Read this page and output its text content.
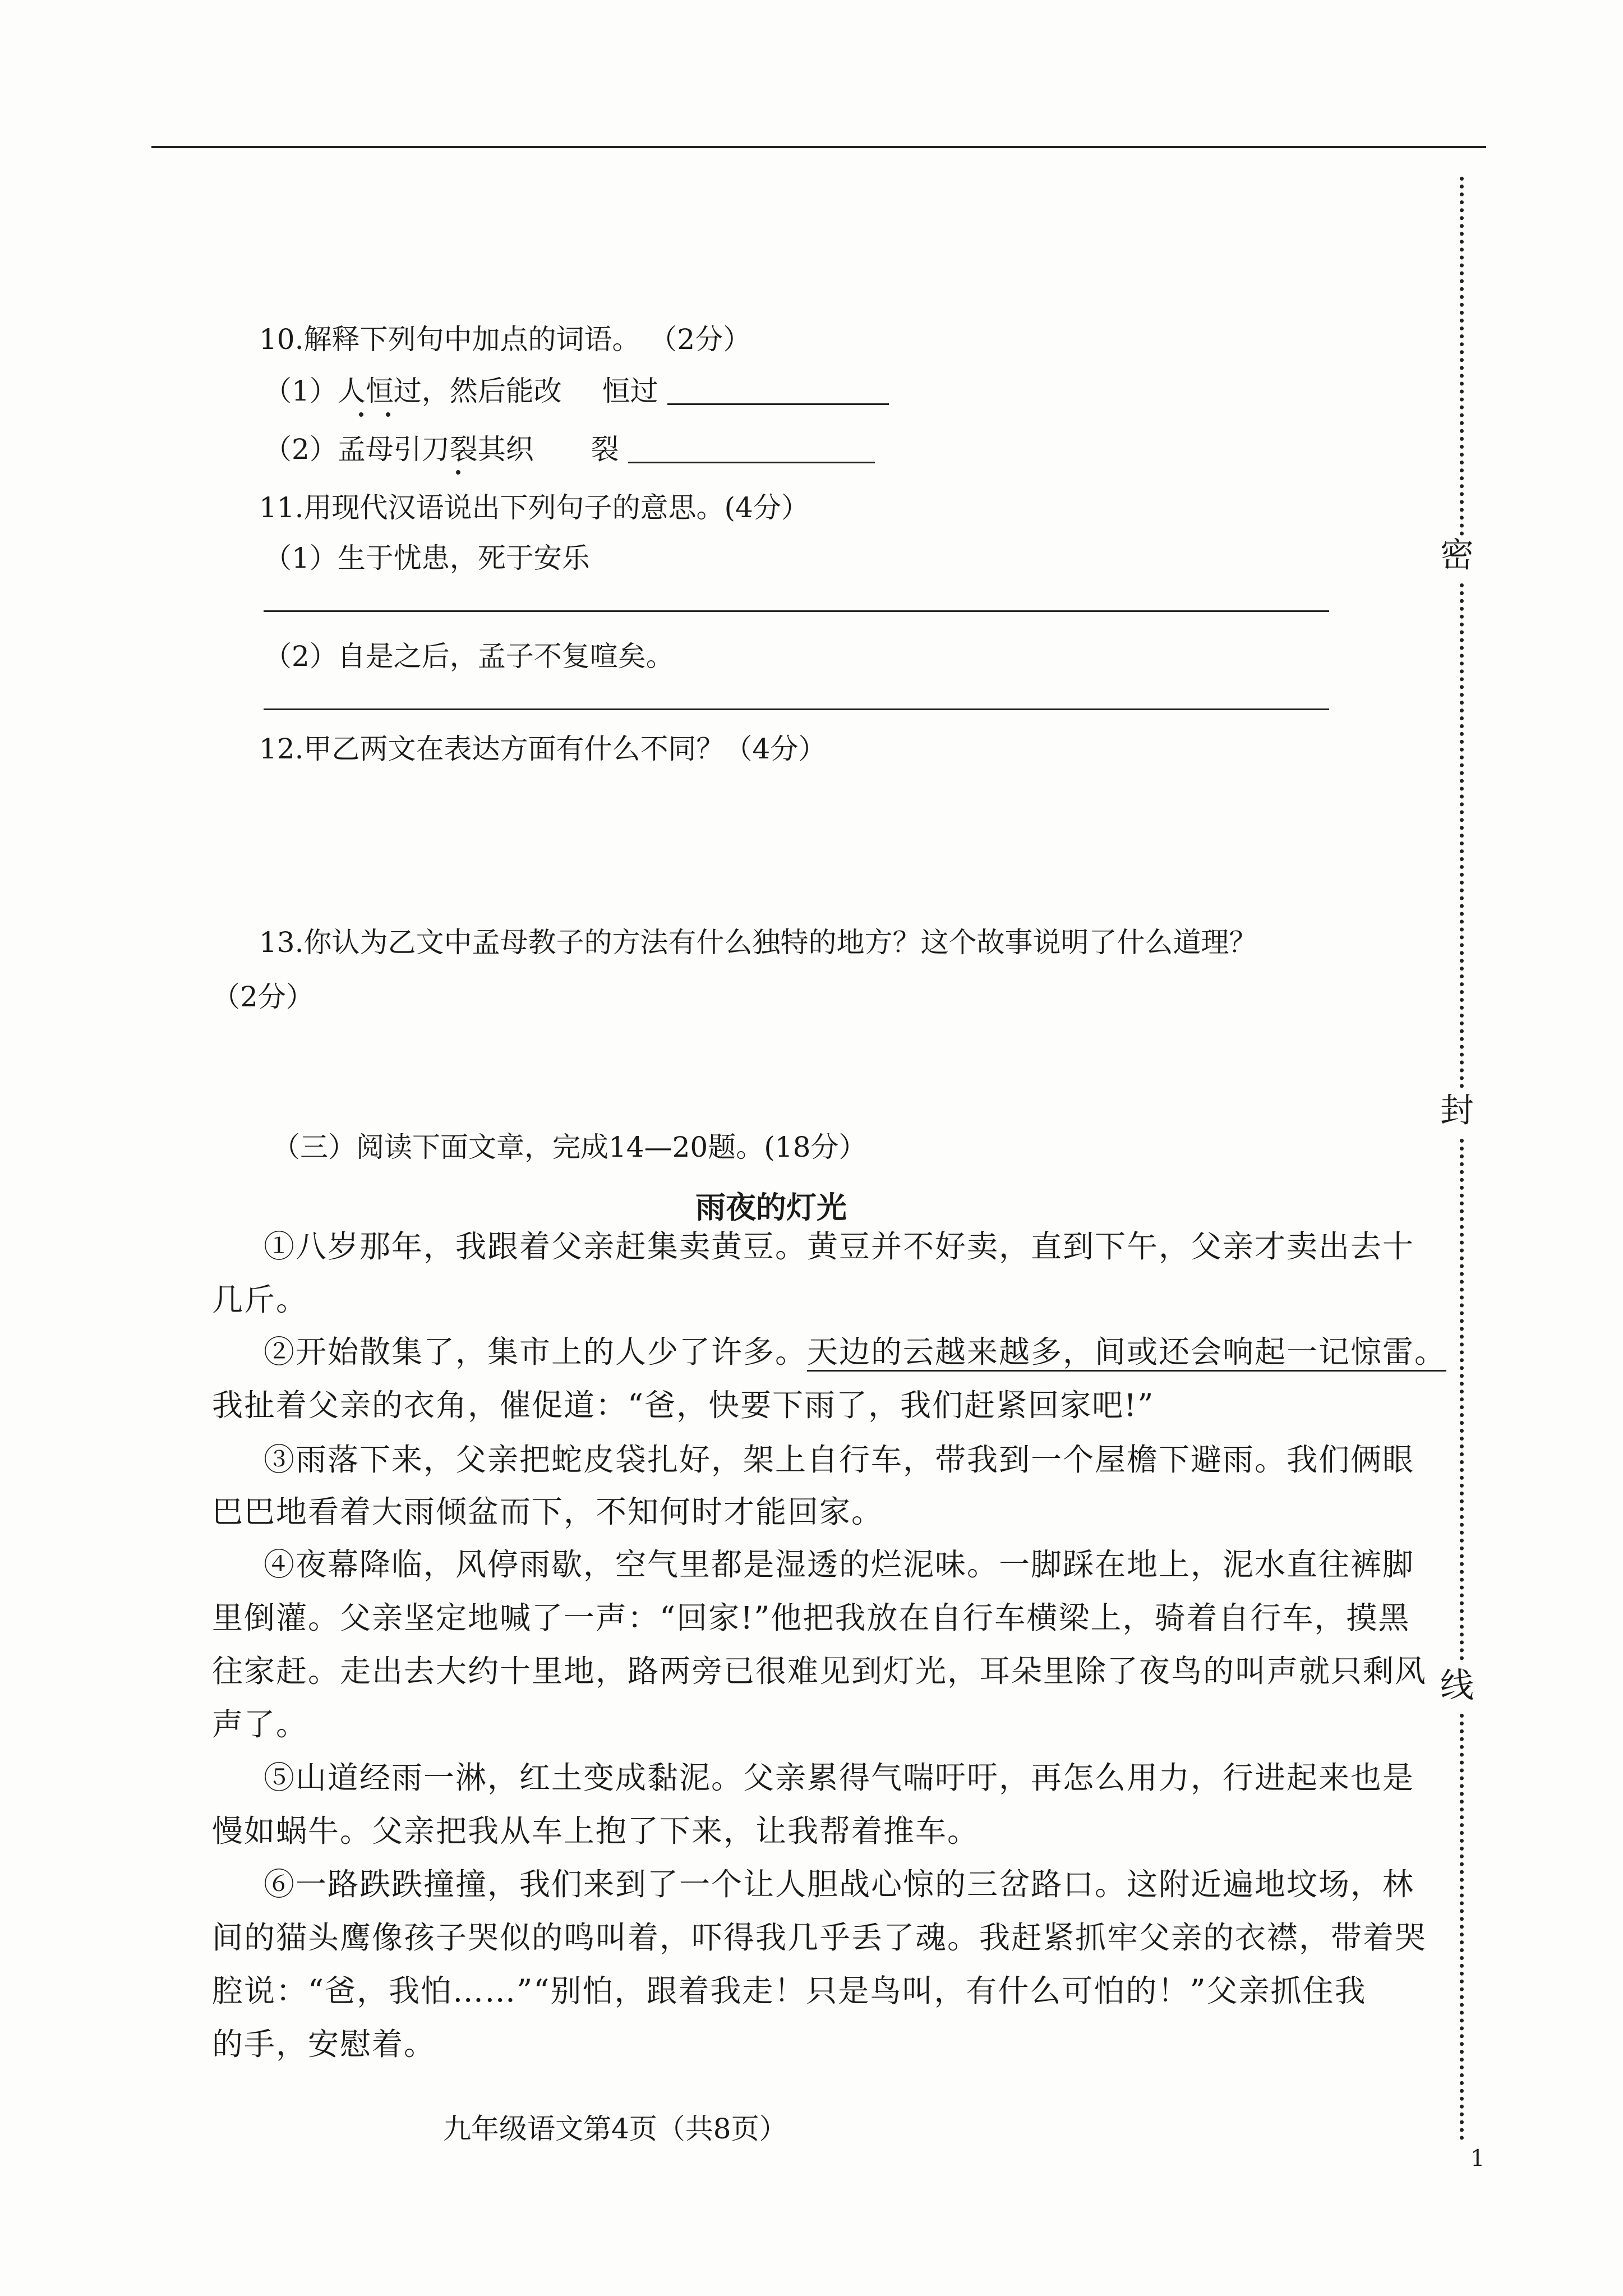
密
封
线
1
10.解释下列句中加点的词语。 （2分）
（1）人恒过，然后能改 恒过
（2）孟母引刀裂其织 裂
11.用现代汉语说出下列句子的意思。(4分）
（1）生于忧患，死于安乐
（2）自是之后，孟子不复喧矣。
12.甲乙两文在表达方面有什么不同？（4分）
13.你认为乙文中孟母教子的方法有什么独特的地方？这个故事说明了什么道理？
（2分）
（三）阅读下面文章，完成14—20题。(18分）
雨夜的灯光
①八岁那年，我跟着父亲赶集卖黄豆。黄豆并不好卖，直到下午，父亲才卖出去十
几斤。
②开始散集了，集市上的人少了许多。天边的云越来越多，间或还会响起一记惊雷。
我扯着父亲的衣角，催促道：“爸，快要下雨了，我们赶紧回家吧!”
③雨落下来，父亲把蛇皮袋扎好，架上自行车，带我到一个屋檐下避雨。我们俩眼
巴巴地看着大雨倾盆而下，不知何时才能回家。
④夜幕降临，风停雨歇，空气里都是湿透的烂泥味。一脚踩在地上，泥水直往裤脚
里倒灌。父亲坚定地喊了一声：“回家!”他把我放在自行车横梁上，骑着自行车，摸黑
往家赶。走出去大约十里地，路两旁已很难见到灯光，耳朵里除了夜鸟的叫声就只剩风
声了。
⑤山道经雨一淋，红土变成黏泥。父亲累得气喘吁吁，再怎么用力，行进起来也是
慢如蜗牛。父亲把我从车上抱了下来，让我帮着推车。
⑥一路跌跌撞撞，我们来到了一个让人胆战心惊的三岔路口。这附近遍地坟场，林
间的猫头鹰像孩子哭似的鸣叫着，吓得我几乎丢了魂。我赶紧抓牢父亲的衣襟，带着哭
腔说：“爸，我怕……”“别怕，跟着我走！只是鸟叫，有什么可怕的！”父亲抓住我
的手，安慰着。
九年级语文第4页（共8页）
